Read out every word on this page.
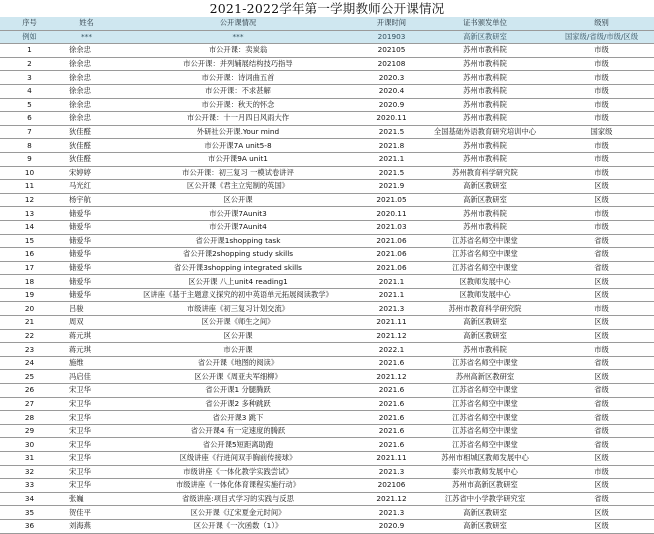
2021-2022学年第一学期教师公开课情况
序号	姓名	公开课情况	开课时间	证书颁发单位	级别
例如	***	***	201903	高新区教研室	国家级/省级/市级/区级
1	徐余忠	市公开课：卖炭翁	202105	苏州市教科院	市级
2	徐余忠	市公开课：并列辅展结构技巧指导	202108	苏州市教科院	市级
3	徐余忠	市公开课：诗词曲五首	2020.3	苏州市教科院	市级
4	徐余忠	市公开课：不求甚解	2020.4	苏州市教科院	市级
5	徐余忠	市公开课：秋天的怀念	2020.9	苏州市教科院	市级
6	徐余忠	市公开课：十一月四日风雨大作	2020.11	苏州市教科院	市级
7	狄佳醛	外研社公开课.Your mind	2021.5	全国基础外语教育研究培训中心	国家级
8	狄佳醛	市公开课7A unit5-8	2021.8	苏州市教科院	市级
9	狄佳醛	市公开课9A unit1	2021.1	苏州市教科院	市级
10	宋婷婷	市公开课：初三复习 一模试卷讲评	2021.5	苏州教育科学研究院	市级
11	马光红	区公开课《君主立宪制的英国》	2021.9	高新区教研室	区级
12	杨宇航	区公开课	2021.05	高新区教研室	区级
13	储爱华	市公开课7Aunit3	2020.11	苏州市教科院	市级
14	储爱华	市公开课7Aunit4	2021.03	苏州市教科院	市级
15	储爱华	省公开课1shopping task	2021.06	江苏省名师空中课堂	省级
16	储爱华	省公开课2shopping study skills	2021.06	江苏省名师空中课堂	省级
17	储爱华	省公开课3shopping integrated skills	2021.06	江苏省名师空中课堂	省级
18	储爱华	区公开课 八上unit4 reading1	2021.1	区教师发展中心	区级
19	储爱华	区讲座《基于主题意义探究的初中英语单元拓展阅读教学》	2021.1	区教师发展中心	区级
20	吕骏	市级讲座《初三复习计划交流》	2021.3	苏州市教育科学研究院	市级
21	周双	区公开课《师生之间》	2021.11	高新区教研室	区级
22	蒋元琪	区公开课	2021.12	高新区教研室	区级
23	蒋元琪	市公开课	2022.1	苏州市教科院	市级
24	施维	省公开课《地图的阅读》	2021.6	江苏省名师空中课堂	省级
25	冯启佳	区公开课《周亚夫军细柳》	2021.12	苏州高新区教研室	区级
26	宋卫华	省公开课1 分腿腾跃	2021.6	江苏省名师空中课堂	省级
27	宋卫华	省公开课2 多种跳跃	2021.6	江苏省名师空中课堂	省级
28	宋卫华	省公开课3 跳下	2021.6	江苏省名师空中课堂	省级
29	宋卫华	省公开课4 有一定速度的腾跃	2021.6	江苏省名师空中课堂	省级
30	宋卫华	省公开课5短距离助跑	2021.6	江苏省名师空中课堂	省级
31	宋卫华	区级讲座《行进间双手胸前传接球》	2021.11	苏州市相城区教师发展中心	区级
32	宋卫华	市级讲座《一体化教学实践尝试》	2021.3	泰兴市教师发展中心	市级
33	宋卫华	市级讲座《一体化体育课程实施行动》	202106	苏州市高新区教研室	区级
34	张巍	省级讲座:项目式学习的实践与反思	2021.12	江苏省中小学教学研究室	省级
35	贺佳平	区公开课《辽宋夏金元时间》	2021.3	高新区教研室	区级
36	刘海燕	区公开课《一次函数（1）》	2020.9	高新区教研室	区级
